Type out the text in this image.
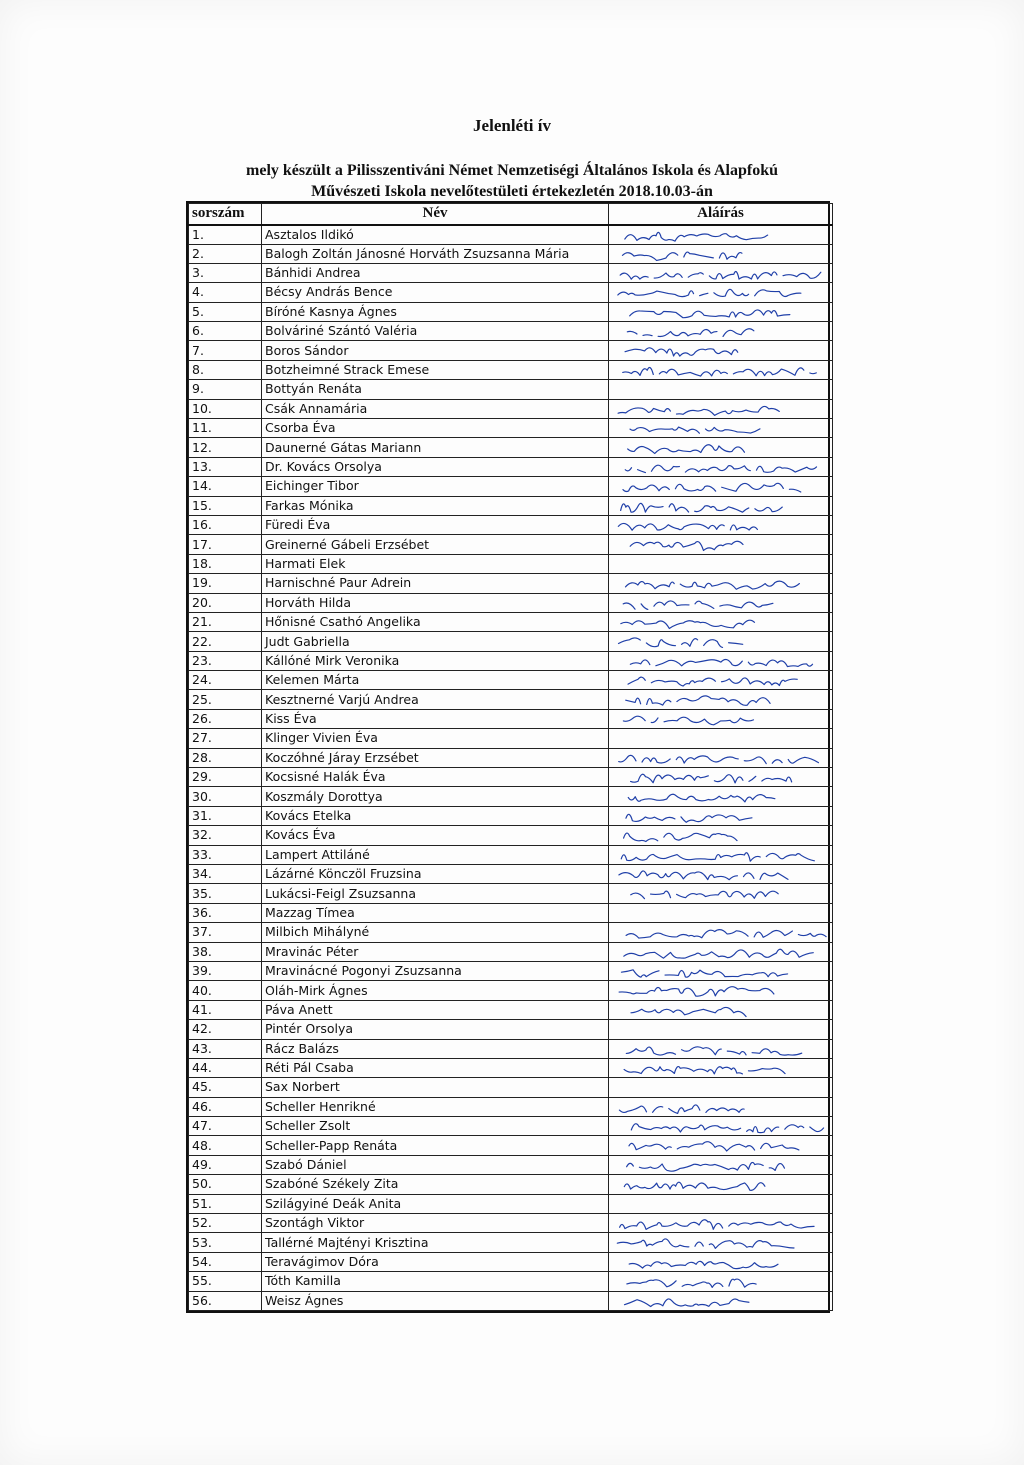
Jelenléti ív
mely készült a Pilisszentiváni Német Nemzetiségi Általános Iskola és Alapfokú
Művészeti Iskola nevelőtestületi értekezletén 2018.10.03-án
sorszám	Név	Aláírás
1.	Asztalos Ildikó	

2.	Balogh Zoltán Jánosné Horváth Zsuzsanna Mária	

3.	Bánhidi Andrea	

4.	Bécsy András Bence	

5.	Bíróné Kasnya Ágnes	

6.	Bolváriné Szántó Valéria	

7.	Boros Sándor	

8.	Botzheimné Strack Emese	

9.	Bottyán Renáta	
10.	Csák Annamária	

11.	Csorba Éva	

12.	Daunerné Gátas Mariann	

13.	Dr. Kovács Orsolya	

14.	Eichinger Tibor	

15.	Farkas Mónika	

16.	Füredi Éva	

17.	Greinerné Gábeli Erzsébet	

18.	Harmati Elek	
19.	Harnischné Paur Adrein	

20.	Horváth Hilda	

21.	Hőnisné Csathó Angelika	

22.	Judt Gabriella	

23.	Kállóné Mirk Veronika	

24.	Kelemen Márta	

25.	Kesztnerné Varjú Andrea	

26.	Kiss Éva	

27.	Klinger Vivien Éva	
28.	Koczóhné Járay Erzsébet	

29.	Kocsisné Halák Éva	

30.	Koszmály Dorottya	

31.	Kovács Etelka	

32.	Kovács Éva	

33.	Lampert Attiláné	

34.	Lázárné Könczöl Fruzsina	

35.	Lukácsi-Feigl Zsuzsanna	

36.	Mazzag Tímea	
37.	Milbich Mihályné	

38.	Mravinác Péter	

39.	Mravinácné Pogonyi Zsuzsanna	

40.	Oláh-Mirk Ágnes	

41.	Páva Anett	

42.	Pintér Orsolya	
43.	Rácz Balázs	

44.	Réti Pál Csaba	

45.	Sax Norbert	
46.	Scheller Henrikné	

47.	Scheller Zsolt	

48.	Scheller-Papp Renáta	

49.	Szabó Dániel	

50.	Szabóné Székely Zita	

51.	Szilágyiné Deák Anita	
52.	Szontágh Viktor	

53.	Tallérné Majtényi Krisztina	

54.	Teravágimov Dóra	

55.	Tóth Kamilla	

56.	Weisz Ágnes	
